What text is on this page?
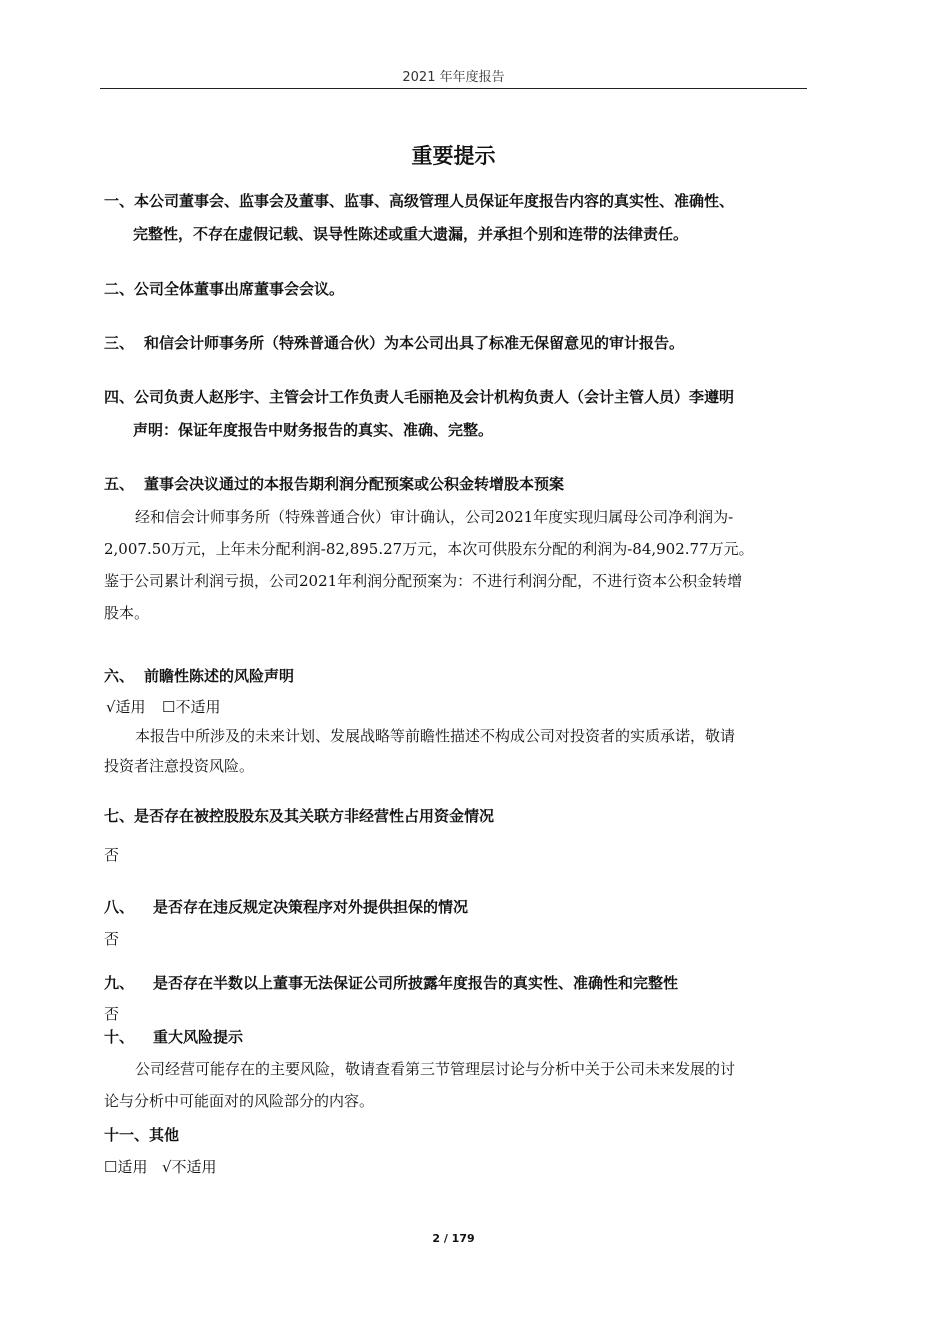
2021 年年度报告
重要提示
一、本公司董事会、监事会及董事、监事、高级管理人员保证年度报告内容的真实性、准确性、
完整性，不存在虚假记载、误导性陈述或重大遗漏，并承担个别和连带的法律责任。
二、公司全体董事出席董事会会议。
三、 和信会计师事务所（特殊普通合伙）为本公司出具了标准无保留意见的审计报告。
四、公司负责人赵彤宇、主管会计工作负责人毛丽艳及会计机构负责人（会计主管人员）李遵明
声明：保证年度报告中财务报告的真实、准确、完整。
五、 董事会决议通过的本报告期利润分配预案或公积金转增股本预案
经和信会计师事务所（特殊普通合伙）审计确认，公司2021年度实现归属母公司净利润为-
2,007.50万元，上年未分配利润-82,895.27万元，本次可供股东分配的利润为-84,902.77万元。
鉴于公司累计利润亏损，公司2021年利润分配预案为：不进行利润分配，不进行资本公积金转增
股本。
六、 前瞻性陈述的风险声明
√适用 ☐不适用
本报告中所涉及的未来计划、发展战略等前瞻性描述不构成公司对投资者的实质承诺，敬请
投资者注意投资风险。
七、是否存在被控股股东及其关联方非经营性占用资金情况
否
八、 是否存在违反规定决策程序对外提供担保的情况
否
九、 是否存在半数以上董事无法保证公司所披露年度报告的真实性、准确性和完整性
否
十、 重大风险提示
公司经营可能存在的主要风险，敬请查看第三节管理层讨论与分析中关于公司未来发展的讨
论与分析中可能面对的风险部分的内容。
十一、其他
☐适用 √不适用
2 / 179
